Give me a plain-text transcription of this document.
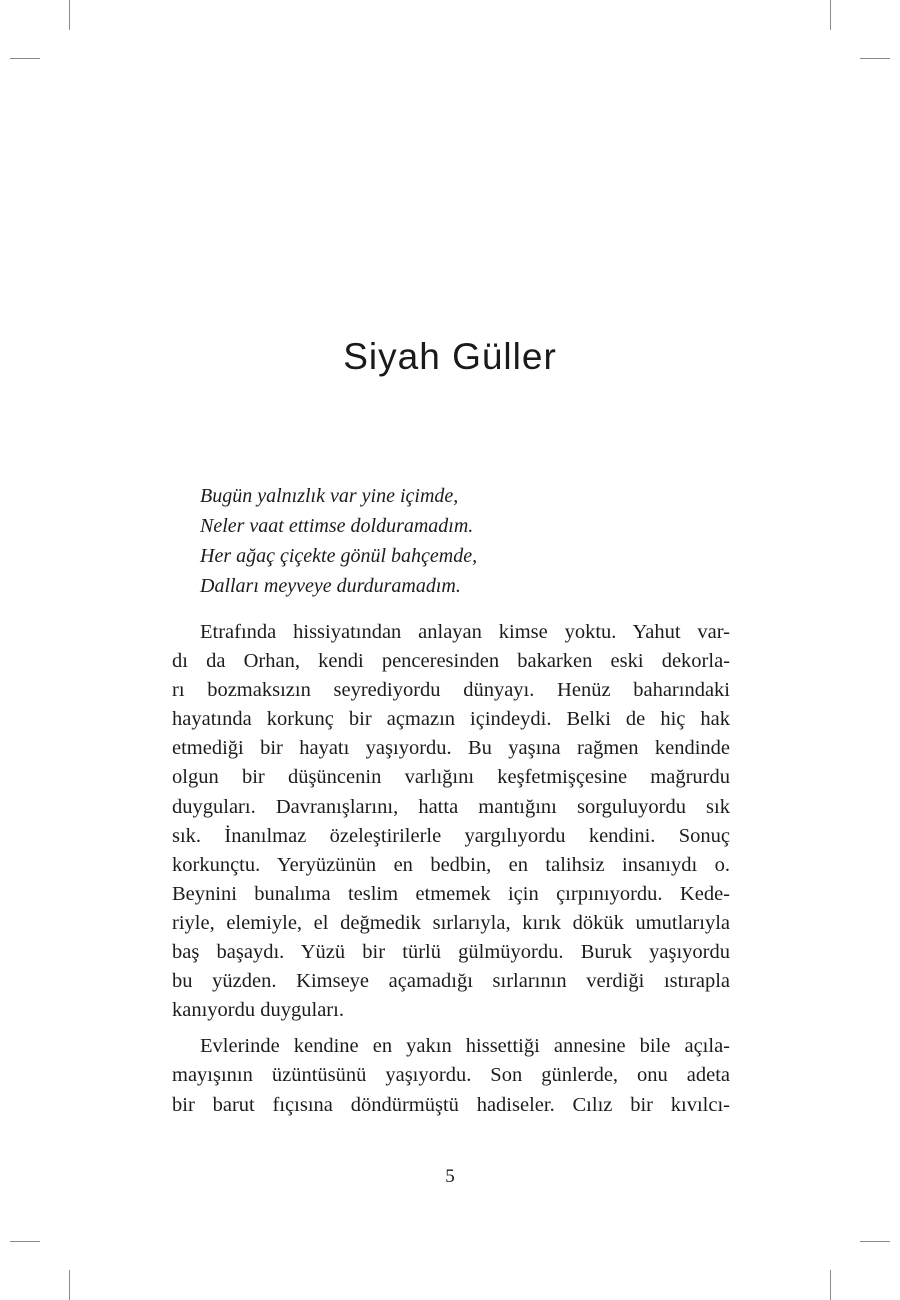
Siyah Güller
Bugün yalnızlık var yine içimde,
Neler vaat ettimse dolduramadım.
Her ağaç çiçekte gönül bahçemde,
Dalları meyveye durduramadım.

Etrafında hissiyatından anlayan kimse yoktu. Yahut var-
dı da Orhan, kendi penceresinden bakarken eski dekorla-
rı bozmaksızın seyrediyordu dünyayı. Henüz baharındaki
hayatında korkunç bir açmazın içindeydi. Belki de hiç hak
etmediği bir hayatı yaşıyordu. Bu yaşına rağmen kendinde
olgun bir düşüncenin varlığını keşfetmişçesine mağrurdu
duyguları. Davranışlarını, hatta mantığını sorguluyordu sık
sık. İnanılmaz özeleştirilerle yargılıyordu kendini. Sonuç
korkunçtu. Yeryüzünün en bedbin, en talihsiz insanıydı o.
Beynini bunalıma teslim etmemek için çırpınıyordu. Kede-
riyle, elemiyle, el değmedik sırlarıyla, kırık dökük umutlarıyla
baş başaydı. Yüzü bir türlü gülmüyordu. Buruk yaşıyordu
bu yüzden. Kimseye açamadığı sırlarının verdiği ıstırapla
kanıyordu duyguları.

Evlerinde kendine en yakın hissettiği annesine bile açıla-
mayışının üzüntüsünü yaşıyordu. Son günlerde, onu adeta
bir barut fıçısına döndürmüştü hadiseler. Cılız bir kıvılcı-

5
